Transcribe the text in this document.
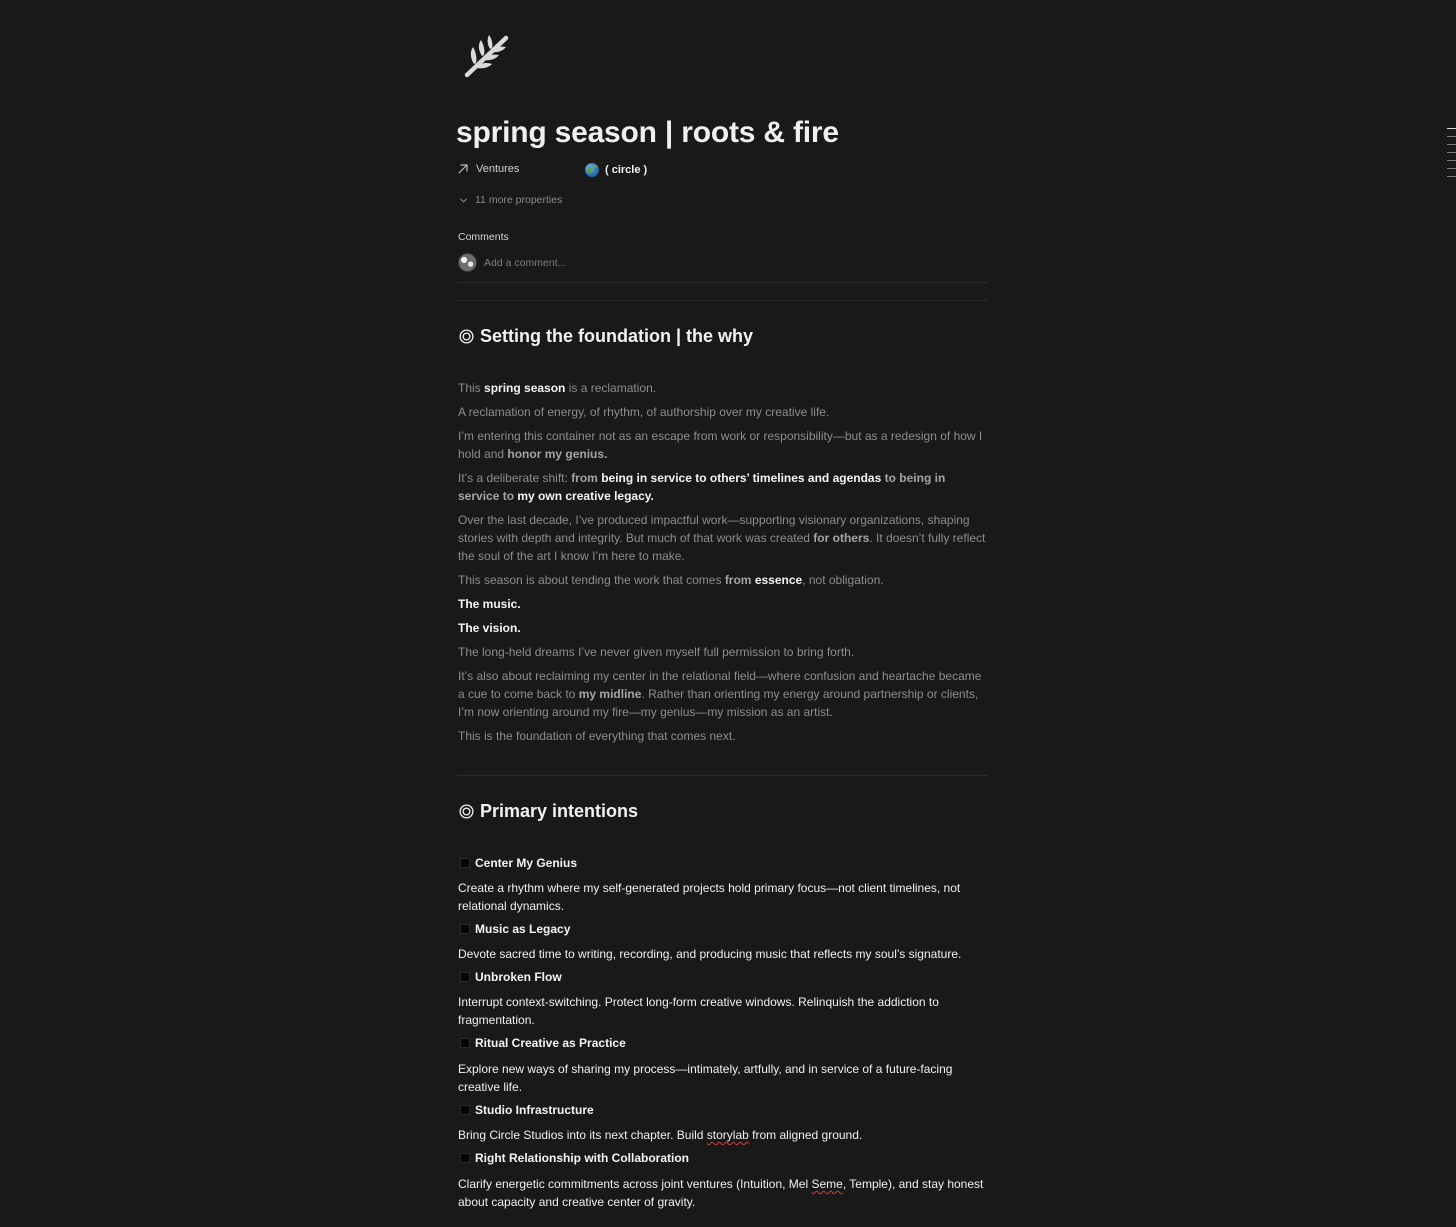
spring season | roots & fire
Ventures	( circle )
11 more properties
Comments
Add a comment...
Setting the foundation | the why

This spring season is a reclamation.

A reclamation of energy, of rhythm, of authorship over my creative life.

I’m entering this container not as an escape from work or responsibility—but as a redesign of how I hold and honor my genius.

It’s a deliberate shift: from being in service to others’ timelines and agendas to being in service to my own creative legacy.

Over the last decade, I’ve produced impactful work—supporting visionary organizations, shaping stories with depth and integrity. But much of that work was created for others. It doesn’t fully reflect the soul of the art I know I’m here to make.

This season is about tending the work that comes from essence, not obligation.

The music.

The vision.

The long-held dreams I’ve never given myself full permission to bring forth.

It’s also about reclaiming my center in the relational field—where confusion and heartache became a cue to come back to my midline. Rather than orienting my energy around partnership or clients, I’m now orienting around my fire—my genius—my mission as an artist.

This is the foundation of everything that comes next.

Primary intentions
Center My Genius

Create a rhythm where my self-generated projects hold primary focus—not client timelines, not relational dynamics.

Music as Legacy

Devote sacred time to writing, recording, and producing music that reflects my soul’s signature.

Unbroken Flow

Interrupt context-switching. Protect long-form creative windows. Relinquish the addiction to fragmentation.

Ritual Creative as Practice

Explore new ways of sharing my process—intimately, artfully, and in service of a future-facing creative life.

Studio Infrastructure

Bring Circle Studios into its next chapter. Build storylab from aligned ground.

Right Relationship with Collaboration

Clarify energetic commitments across joint ventures (Intuition, Mel Seme, Temple), and stay honest about capacity and creative center of gravity.
